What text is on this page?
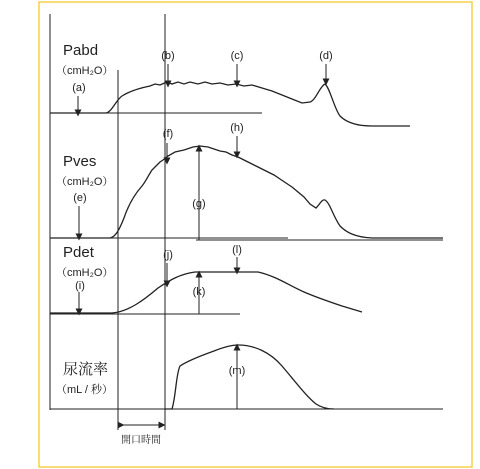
Pabd
（cmH₂O）
Pves
（cmH₂O）
Pdet
（cmH₂O）
尿流率
（mL / 秒）
(a)
(b)	(c)	(d)
(e)
(f)
(g)
(h)
(i)
(j)
(k)
(l)
(m)
開口時間
